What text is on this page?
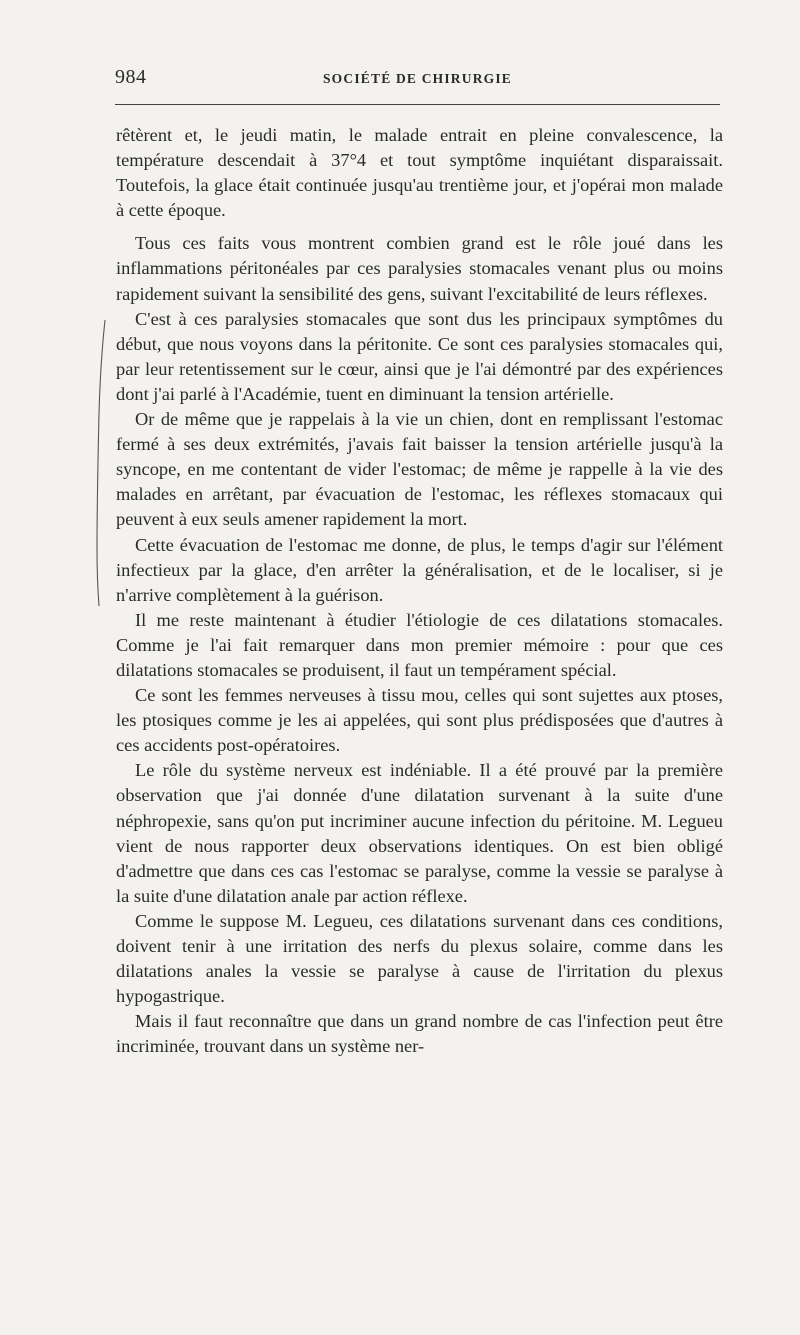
984	SOCIÉTÉ DE CHIRURGIE

rêtèrent et, le jeudi matin, le malade entrait en pleine convalescence, la température descendait à 37°4 et tout symptôme inquiétant disparaissait. Toutefois, la glace était continuée jusqu'au trentième jour, et j'opérai mon malade à cette époque.

Tous ces faits vous montrent combien grand est le rôle joué dans les inflammations péritonéales par ces paralysies stomacales venant plus ou moins rapidement suivant la sensibilité des gens, suivant l'excitabilité de leurs réflexes.

C'est à ces paralysies stomacales que sont dus les principaux symptômes du début, que nous voyons dans la péritonite. Ce sont ces paralysies stomacales qui, par leur retentissement sur le cœur, ainsi que je l'ai démontré par des expériences dont j'ai parlé à l'Académie, tuent en diminuant la tension artérielle.

Or de même que je rappelais à la vie un chien, dont en remplissant l'estomac fermé à ses deux extrémités, j'avais fait baisser la tension artérielle jusqu'à la syncope, en me contentant de vider l'estomac; de même je rappelle à la vie des malades en arrêtant, par évacuation de l'estomac, les réflexes stomacaux qui peuvent à eux seuls amener rapidement la mort.

Cette évacuation de l'estomac me donne, de plus, le temps d'agir sur l'élément infectieux par la glace, d'en arrêter la généralisation, et de le localiser, si je n'arrive complètement à la guérison.

Il me reste maintenant à étudier l'étiologie de ces dilatations stomacales. Comme je l'ai fait remarquer dans mon premier mémoire : pour que ces dilatations stomacales se produisent, il faut un tempérament spécial.

Ce sont les femmes nerveuses à tissu mou, celles qui sont sujettes aux ptoses, les ptosiques comme je les ai appelées, qui sont plus prédisposées que d'autres à ces accidents post-opératoires.

Le rôle du système nerveux est indéniable. Il a été prouvé par la première observation que j'ai donnée d'une dilatation survenant à la suite d'une néphropexie, sans qu'on put incriminer aucune infection du péritoine. M. Legueu vient de nous rapporter deux observations identiques. On est bien obligé d'admettre que dans ces cas l'estomac se paralyse, comme la vessie se paralyse à la suite d'une dilatation anale par action réflexe.

Comme le suppose M. Legueu, ces dilatations survenant dans ces conditions, doivent tenir à une irritation des nerfs du plexus solaire, comme dans les dilatations anales la vessie se paralyse à cause de l'irritation du plexus hypogastrique.

Mais il faut reconnaître que dans un grand nombre de cas l'infection peut être incriminée, trouvant dans un système ner-
